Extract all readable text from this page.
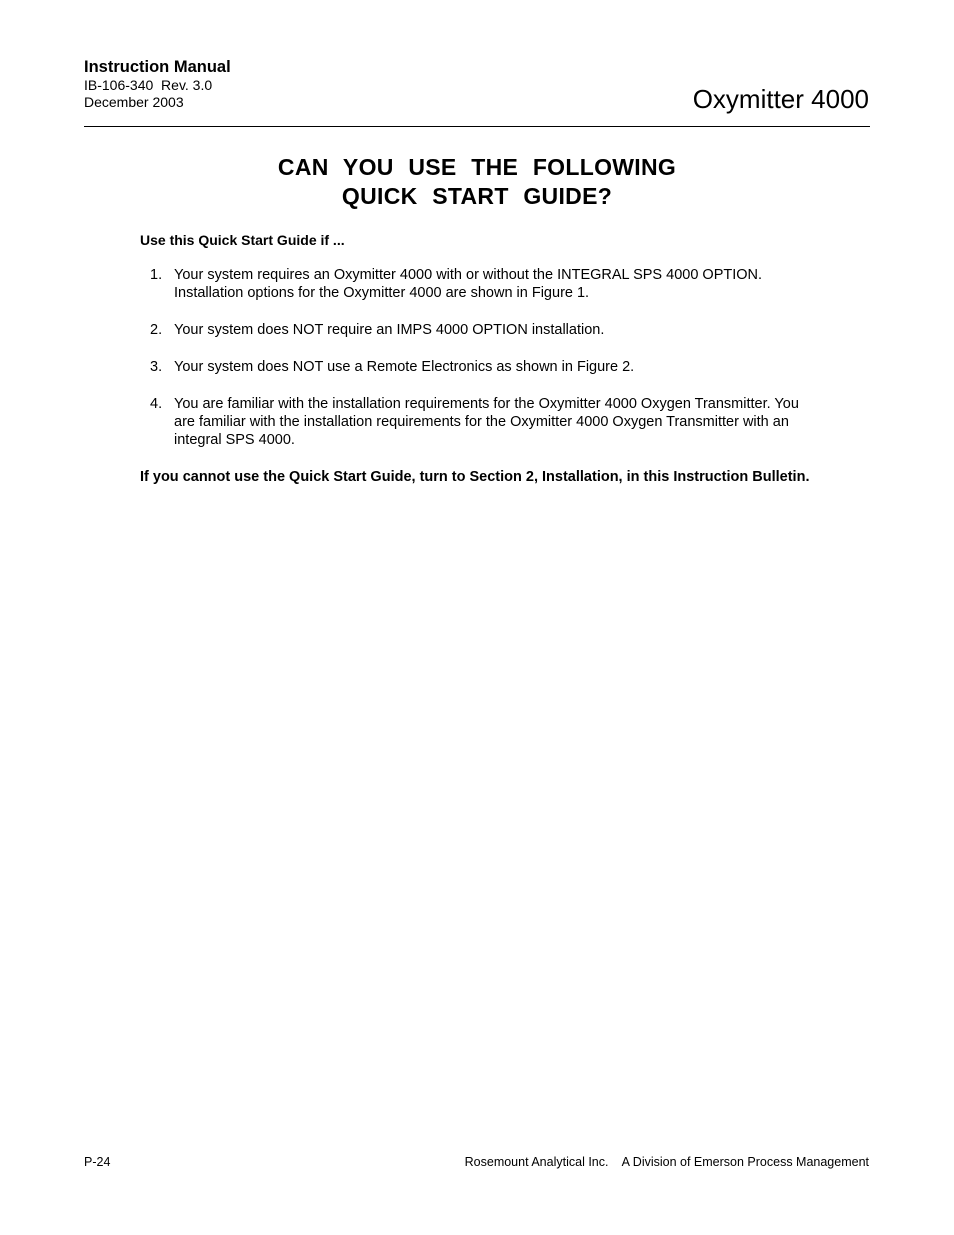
Instruction Manual
IB-106-340  Rev. 3.0
December 2003	Oxymitter 4000
CAN YOU USE THE FOLLOWING
QUICK START GUIDE?
Use this Quick Start Guide if ...
1. Your system requires an Oxymitter 4000 with or without the INTEGRAL SPS 4000 OPTION. Installation options for the Oxymitter 4000 are shown in Figure 1.
2. Your system does NOT require an IMPS 4000 OPTION installation.
3. Your system does NOT use a Remote Electronics as shown in Figure 2.
4. You are familiar with the installation requirements for the Oxymitter 4000 Oxygen Transmitter. You are familiar with the installation requirements for the Oxymitter 4000 Oxygen Transmitter with an integral SPS 4000.
If you cannot use the Quick Start Guide, turn to Section 2, Installation, in this Instruction Bulletin.
P-24	Rosemount Analytical Inc.    A Division of Emerson Process Management
